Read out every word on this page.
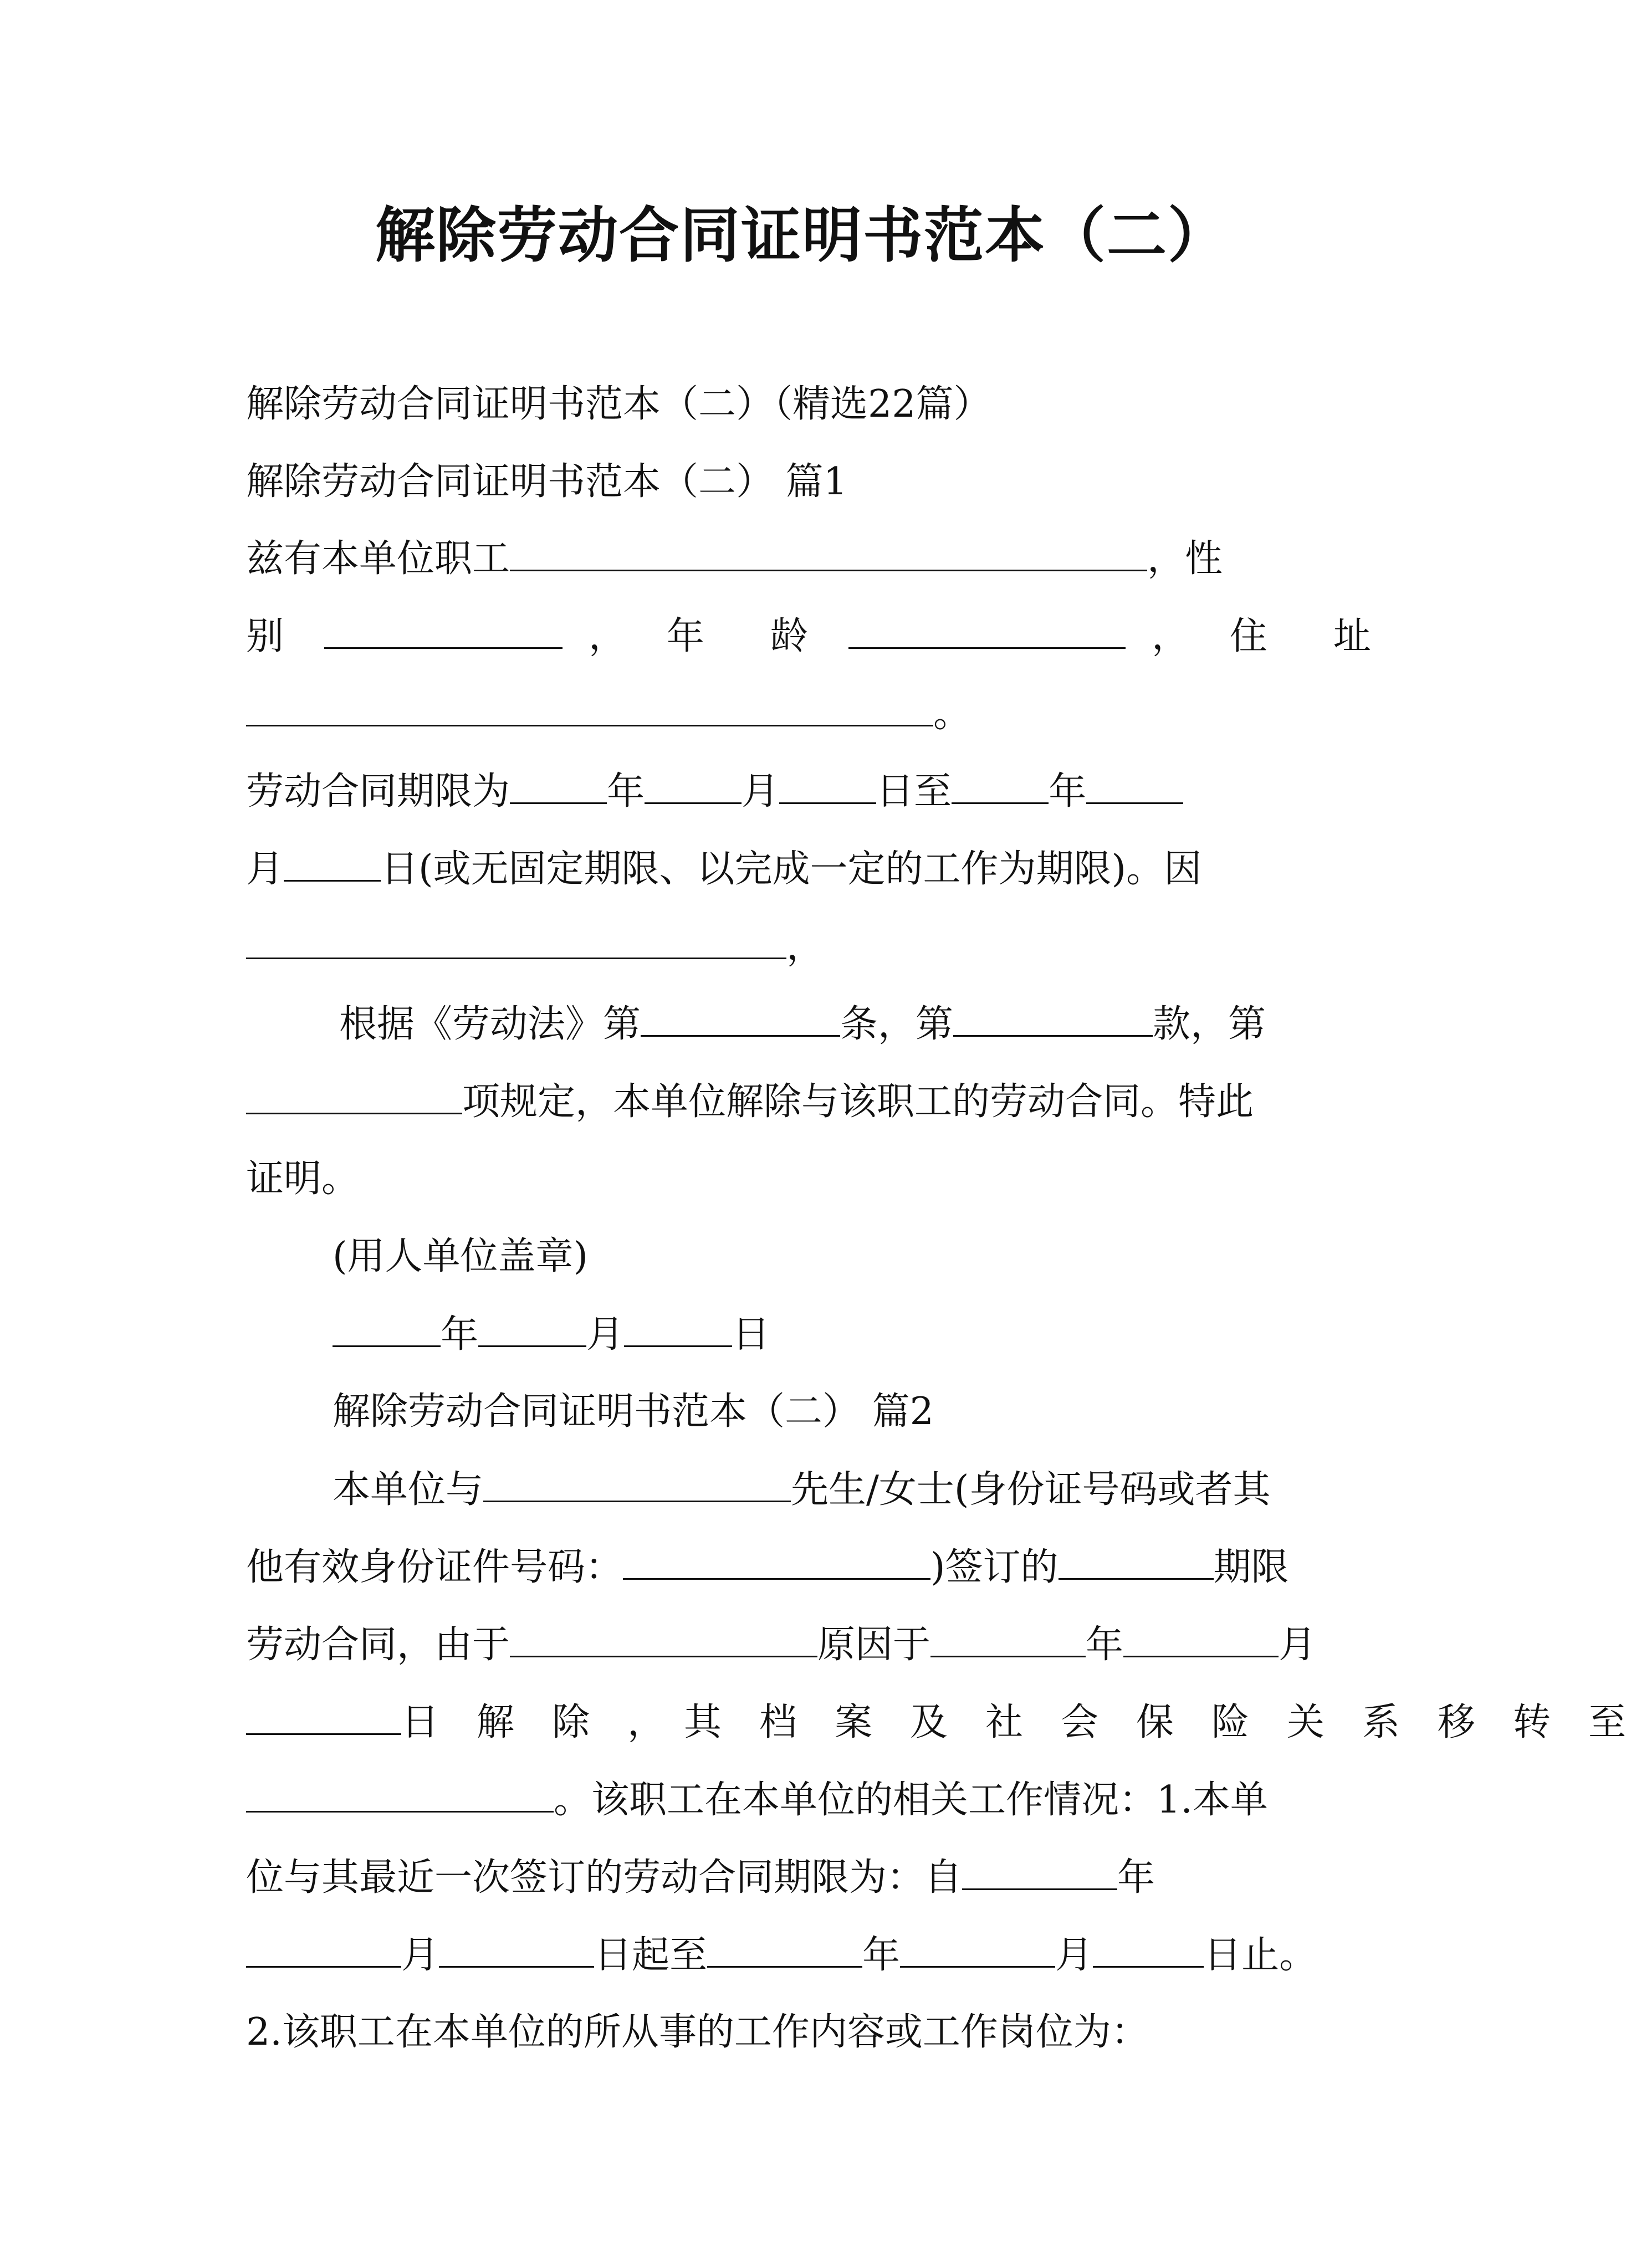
解除劳动合同证明书范本（二）
解除劳动合同证明书范本（二）（精选22篇）
解除劳动合同证明书范本（二） 篇1
兹有本单位职工	，性
别	， 年　龄	， 住　址
。
劳动合同期限为	年	月	日至	年
月	日(或无固定期限、以完成一定的工作为期限)。因
，
根据《劳动法》第	条，第	款，第
项规定，本单位解除与该职工的劳动合同。特此
证明。
(用人单位盖章)
年	月	日
解除劳动合同证明书范本（二） 篇2
本单位与	先生/女士(身份证号码或者其
他有效身份证件号码：	)签订的	期限
劳动合同，由于	原因于	年	月
日　解　除　，　其　档　案　及　社　会　保　险　关　系　移　转　至
。该职工在本单位的相关工作情况：1.本单
位与其最近一次签订的劳动合同期限为：自	年
月	日起至	年	月	日止。
2.该职工在本单位的所从事的工作内容或工作岗位为：
